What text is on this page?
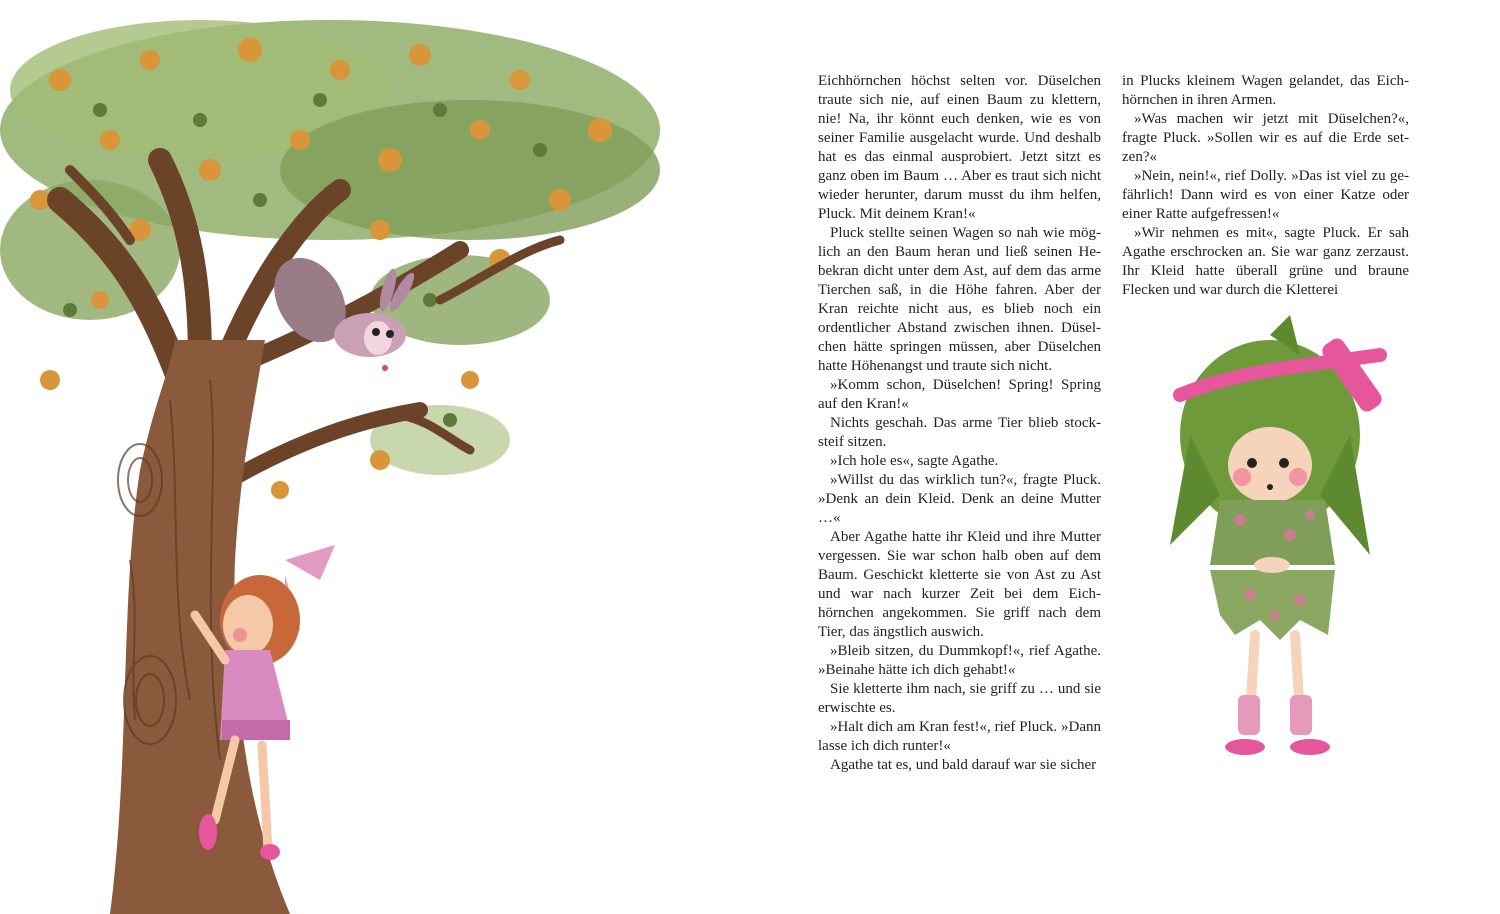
Eichhörnchen höchst selten vor. Düselchen traute sich nie, auf einen Baum zu klettern, nie! Na, ihr könnt euch denken, wie es von seiner Familie ausgelacht wurde. Und deshalb hat es das einmal ausprobiert. Jetzt sitzt es ganz oben im Baum … Aber es traut sich nicht wieder herunter, darum musst du ihm helfen, Pluck. Mit deinem Kran!«

Pluck stellte seinen Wagen so nah wie möglich an den Baum heran und ließ seinen Hebekran dicht unter dem Ast, auf dem das arme Tierchen saß, in die Höhe fahren. Aber der Kran reichte nicht aus, es blieb noch ein ordentlicher Abstand zwischen ihnen. Düselchen hätte springen müssen, aber Düselchen hatte Höhenangst und traute sich nicht.

»Komm schon, Düselchen! Spring! Spring auf den Kran!«

Nichts geschah. Das arme Tier blieb stocksteif sitzen.

»Ich hole es«, sagte Agathe.

»Willst du das wirklich tun?«, fragte Pluck. »Denk an dein Kleid. Denk an deine Mutter …«

Aber Agathe hatte ihr Kleid und ihre Mutter vergessen. Sie war schon halb oben auf dem Baum. Geschickt kletterte sie von Ast zu Ast und war nach kurzer Zeit bei dem Eichhörnchen angekommen. Sie griff nach dem Tier, das ängstlich auswich.

»Bleib sitzen, du Dummkopf!«, rief Agathe. »Beinahe hätte ich dich gehabt!«

Sie kletterte ihm nach, sie griff zu … und sie erwischte es.

»Halt dich am Kran fest!«, rief Pluck. »Dann lasse ich dich runter!«

Agathe tat es, und bald darauf war sie sicher

in Plucks kleinem Wagen gelandet, das Eichhörnchen in ihren Armen.

»Was machen wir jetzt mit Düselchen?«, fragte Pluck. »Sollen wir es auf die Erde setzen?«

»Nein, nein!«, rief Dolly. »Das ist viel zu gefährlich! Dann wird es von einer Katze oder einer Ratte aufgefressen!«

»Wir nehmen es mit«, sagte Pluck. Er sah Agathe erschrocken an. Sie war ganz zerzaust. Ihr Kleid hatte überall grüne und braune Flecken und war durch die Kletterei
